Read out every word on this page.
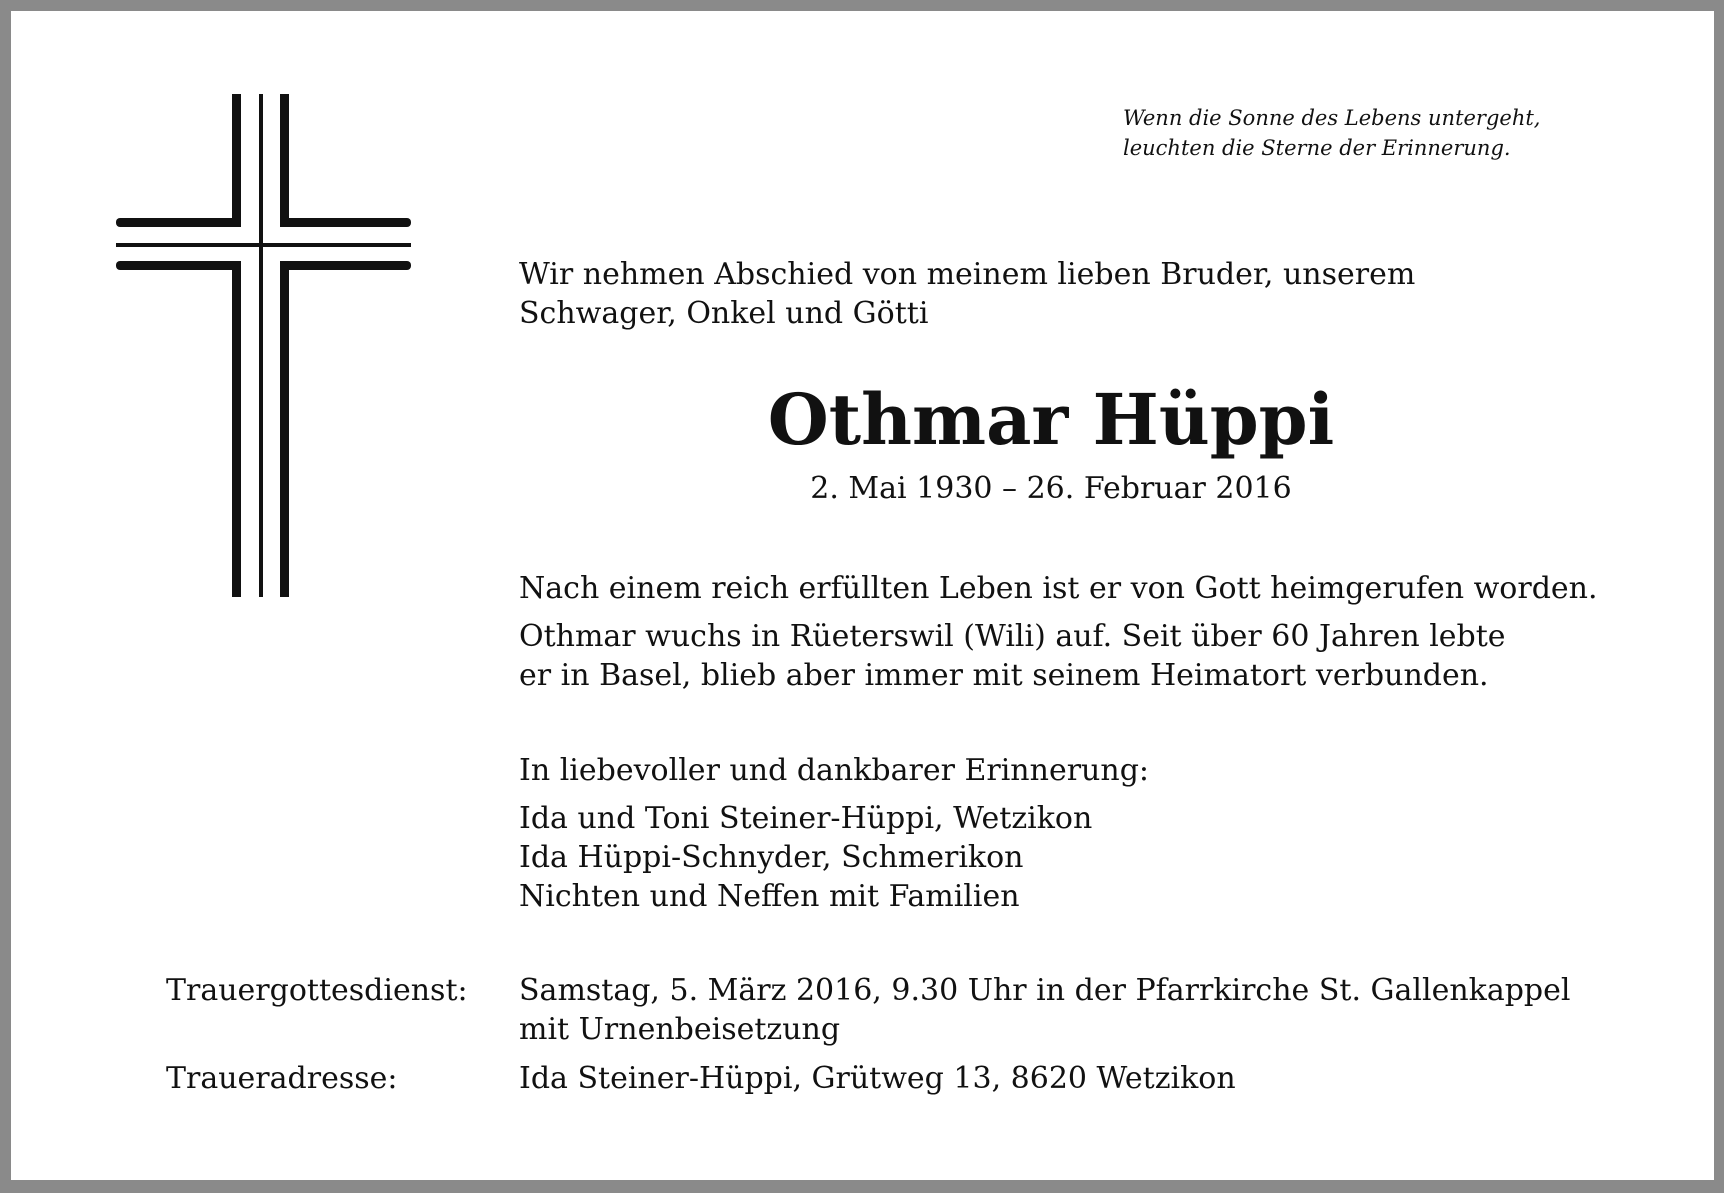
Wenn die Sonne des Lebens untergeht,
leuchten die Sterne der Erinnerung.
Wir nehmen Abschied von meinem lieben Bruder, unserem
Schwager, Onkel und Götti
Othmar Hüppi
2. Mai 1930 – 26. Februar 2016
Nach einem reich erfüllten Leben ist er von Gott heimgerufen worden.
Othmar wuchs in Rüeterswil (Wili) auf. Seit über 60 Jahren lebte
er in Basel, blieb aber immer mit seinem Heimatort verbunden.
In liebevoller und dankbarer Erinnerung:
Ida und Toni Steiner-Hüppi, Wetzikon
Ida Hüppi-Schnyder, Schmerikon
Nichten und Neffen mit Familien
Trauergottesdienst: Samstag, 5. März 2016, 9.30 Uhr in der Pfarrkirche St. Gallenkappel
mit Urnenbeisetzung
Traueradresse:	Ida Steiner-Hüppi, Grütweg 13, 8620 Wetzikon
